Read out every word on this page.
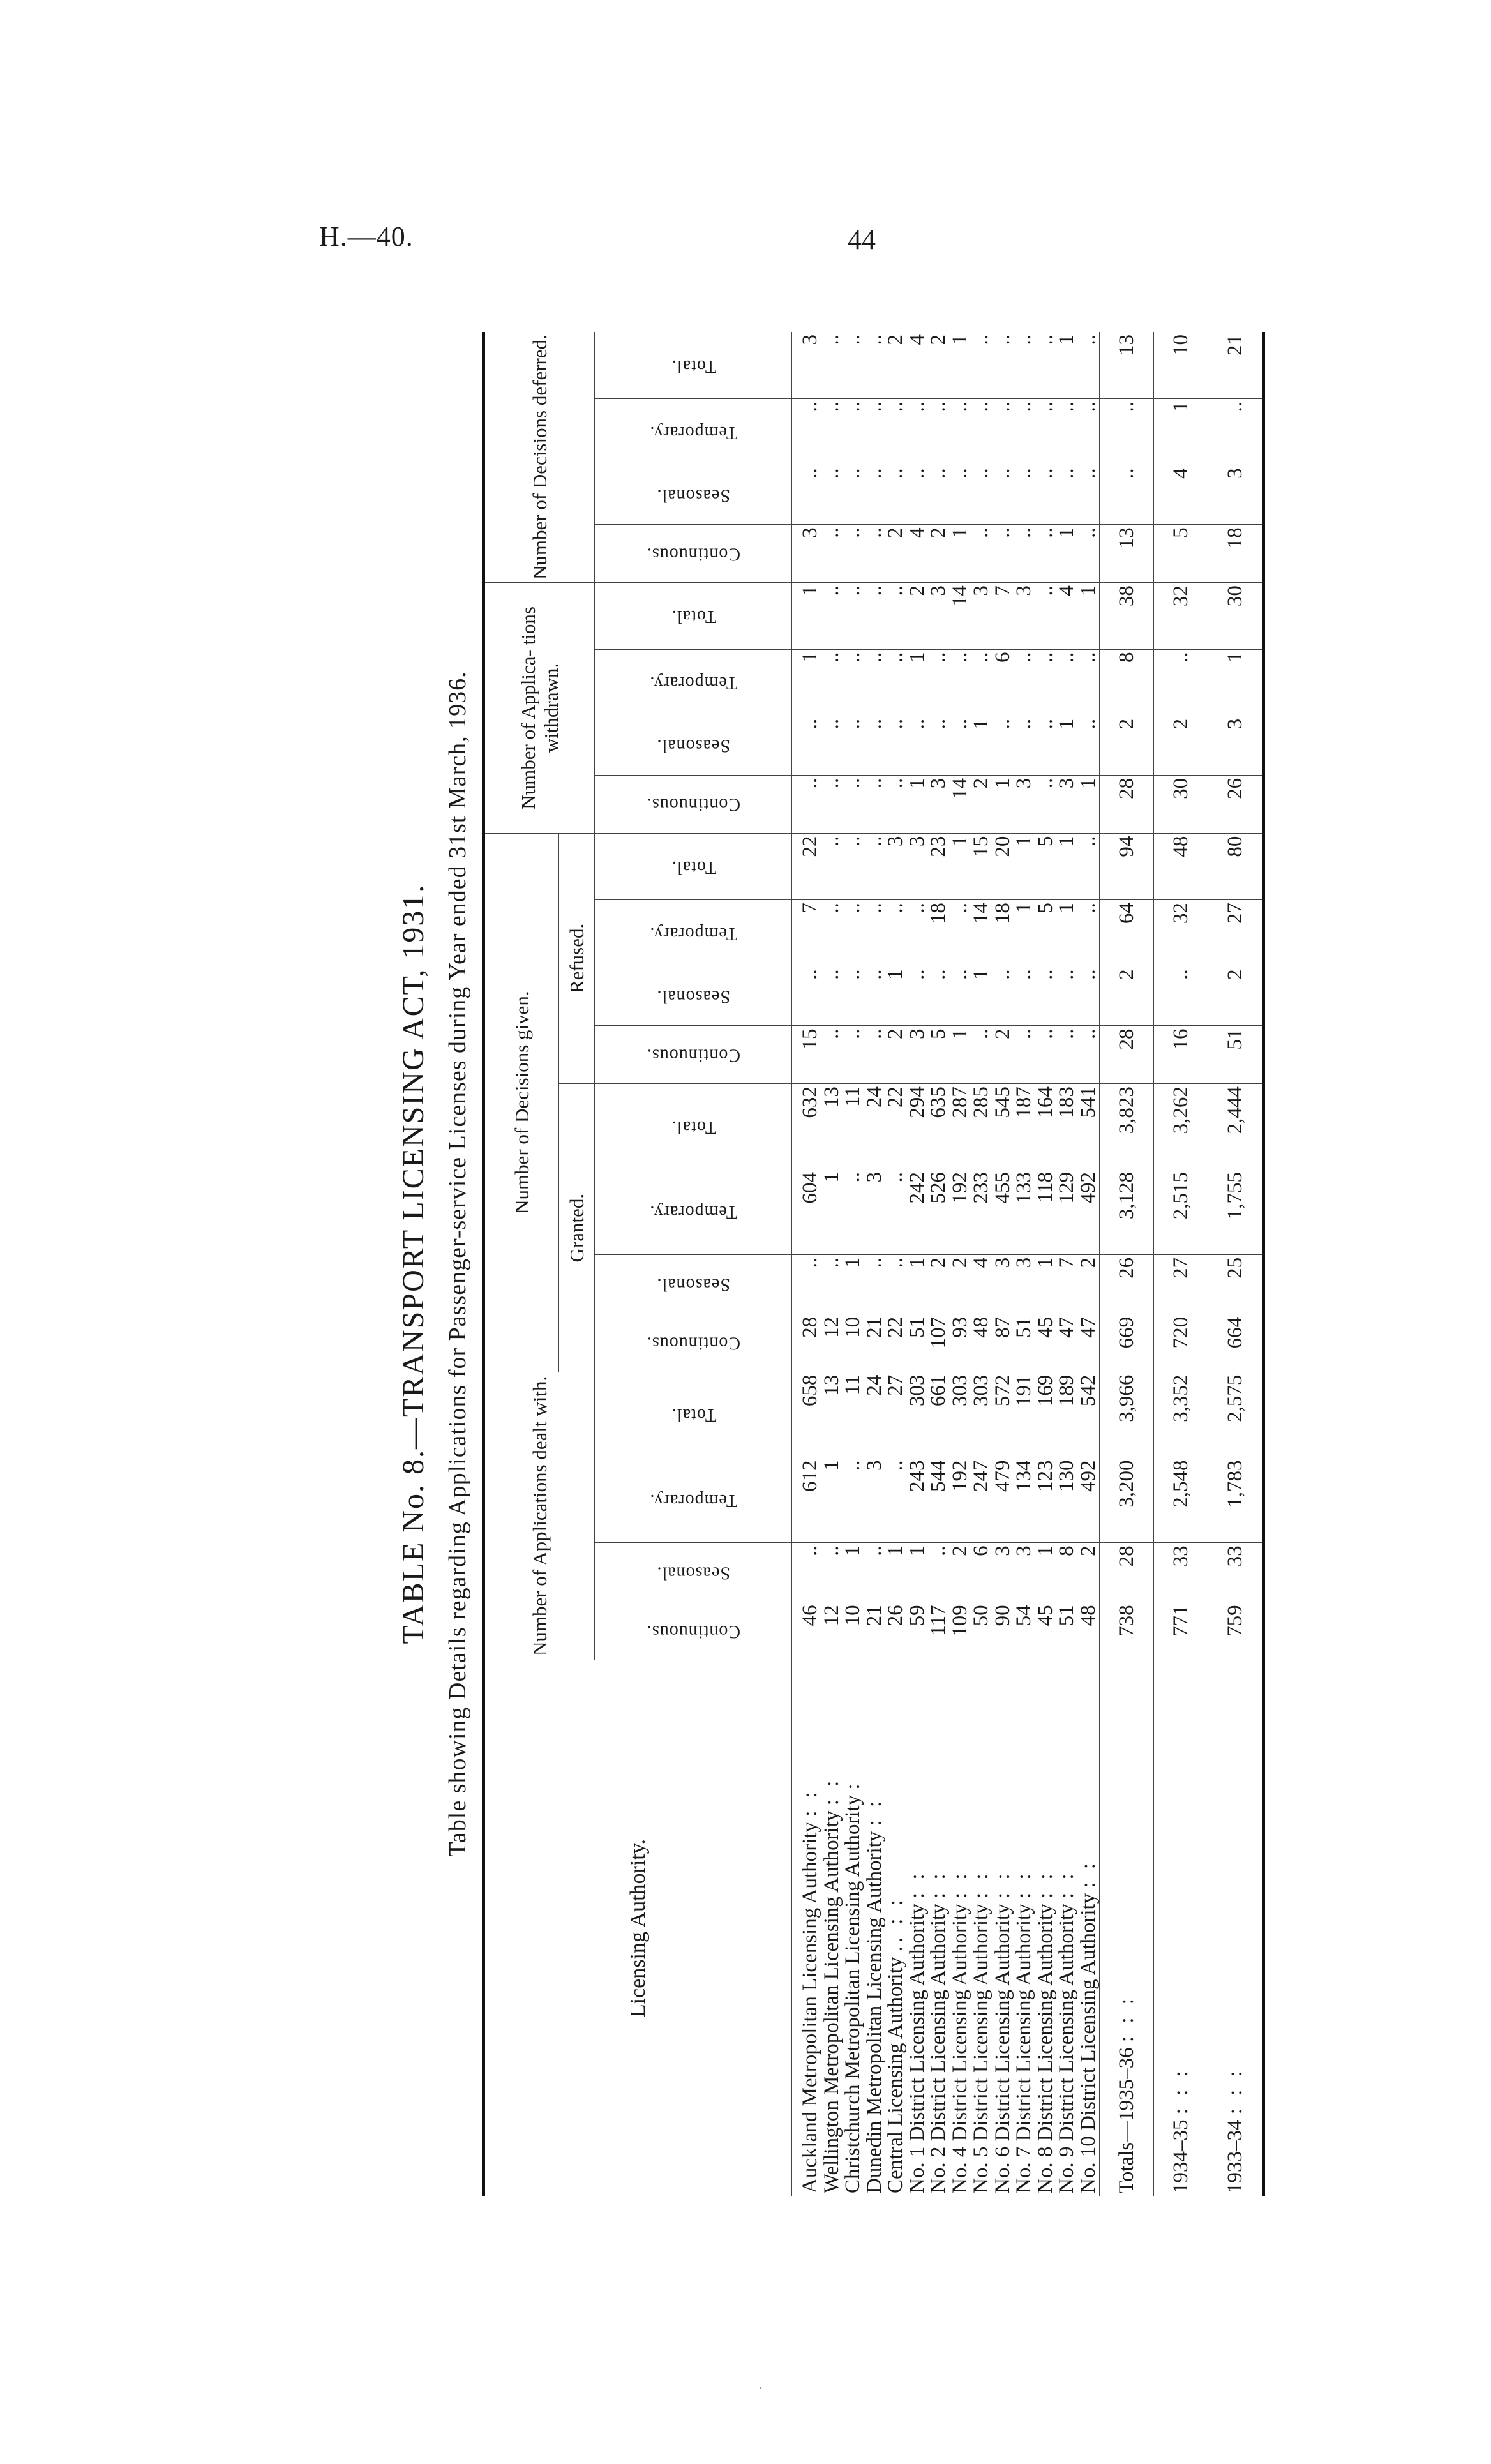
H.—40.	44
TABLE No. 8.—TRANSPORT LICENSING ACT, 1931. Table showing Details regarding Applications for Passenger-service Licenses during Year ended 31st March, 1936.
Licensing Authority.	Number of Applications dealt with.				Number of Decisions given.								Number of Applica- tions withdrawn.				Number of Decisions deferred.			
					Granted.				Refused.											
	Continuous.	Seasonal.	Temporary.	Total.	Continuous.	Seasonal.	Temporary.	Total.	Continuous.	Seasonal.	Temporary.	Total.	Continuous.	Seasonal.	Temporary.	Total.	Continuous.	Seasonal.	Temporary.	Total.
Auckland Metropolitan Licensing Authority : :	46	..	612	658	28	..	604	632	15	..	7	22	..	..	1	1	3	..	..	3
Wellington Metropolitan Licensing Authority : :	12	..	1	13	12	..	1	13	..	..	..	..	..	..	..	..	..	..	..	..
Christchurch Metropolitan Licensing Authority :	10	1	..	11	10	1	..	11	..	..	..	..	..	..	..	..	..	..	..	..
Dunedin Metropolitan Licensing Authority : :	21	..	3	24	21	..	3	24	..	..	..	..	..	..	..	..	..	..	..	..
Central Licensing Authority .. : :	26	1	..	27	22	..	..	22	2	1	..	3	..	..	..	..	2	..	..	2
No. 1 District Licensing Authority : :	59	1	243	303	51	1	242	294	3	..	..	3	1	..	1	2	4	..	..	4
No. 2 District Licensing Authority : :	117	..	544	661	107	2	526	635	5	..	18	23	3	..	..	3	2	..	..	2
No. 4 District Licensing Authority : :	109	2	192	303	93	2	192	287	1	..	..	1	14	..	..	14	1	..	..	1
No. 5 District Licensing Authority : :	50	6	247	303	48	4	233	285	..	1	14	15	2	1	..	3	..	..	..	..
No. 6 District Licensing Authority : :	90	3	479	572	87	3	455	545	2	..	18	20	1	..	6	7	..	..	..	..
No. 7 District Licensing Authority : :	54	3	134	191	51	3	133	187	..	..	1	1	3	..	..	3	..	..	..	..
No. 8 District Licensing Authority : :	45	1	123	169	45	1	118	164	..	..	5	5	..	..	..	..	..	..	..	..
No. 9 District Licensing Authority : :	51	8	130	189	47	7	129	183	..	..	1	1	3	1	..	4	1	..	..	1
No. 10 District Licensing Authority : :	48	2	492	542	47	2	492	541	..	..	..	..	1	..	..	1	..	..	..	..
Totals—1935–36 : : :	738	28	3,200	3,966	669	26	3,128	3,823	28	2	64	94	28	2	8	38	13	..	..	13
1934–35 : : :	771	33	2,548	3,352	720	27	2,515	3,262	16	..	32	48	30	2	..	32	5	4	1	10
1933–34 : : :	759	33	1,783	2,575	664	25	1,755	2,444	51	2	27	80	26	3	1	30	18	3	..	21
